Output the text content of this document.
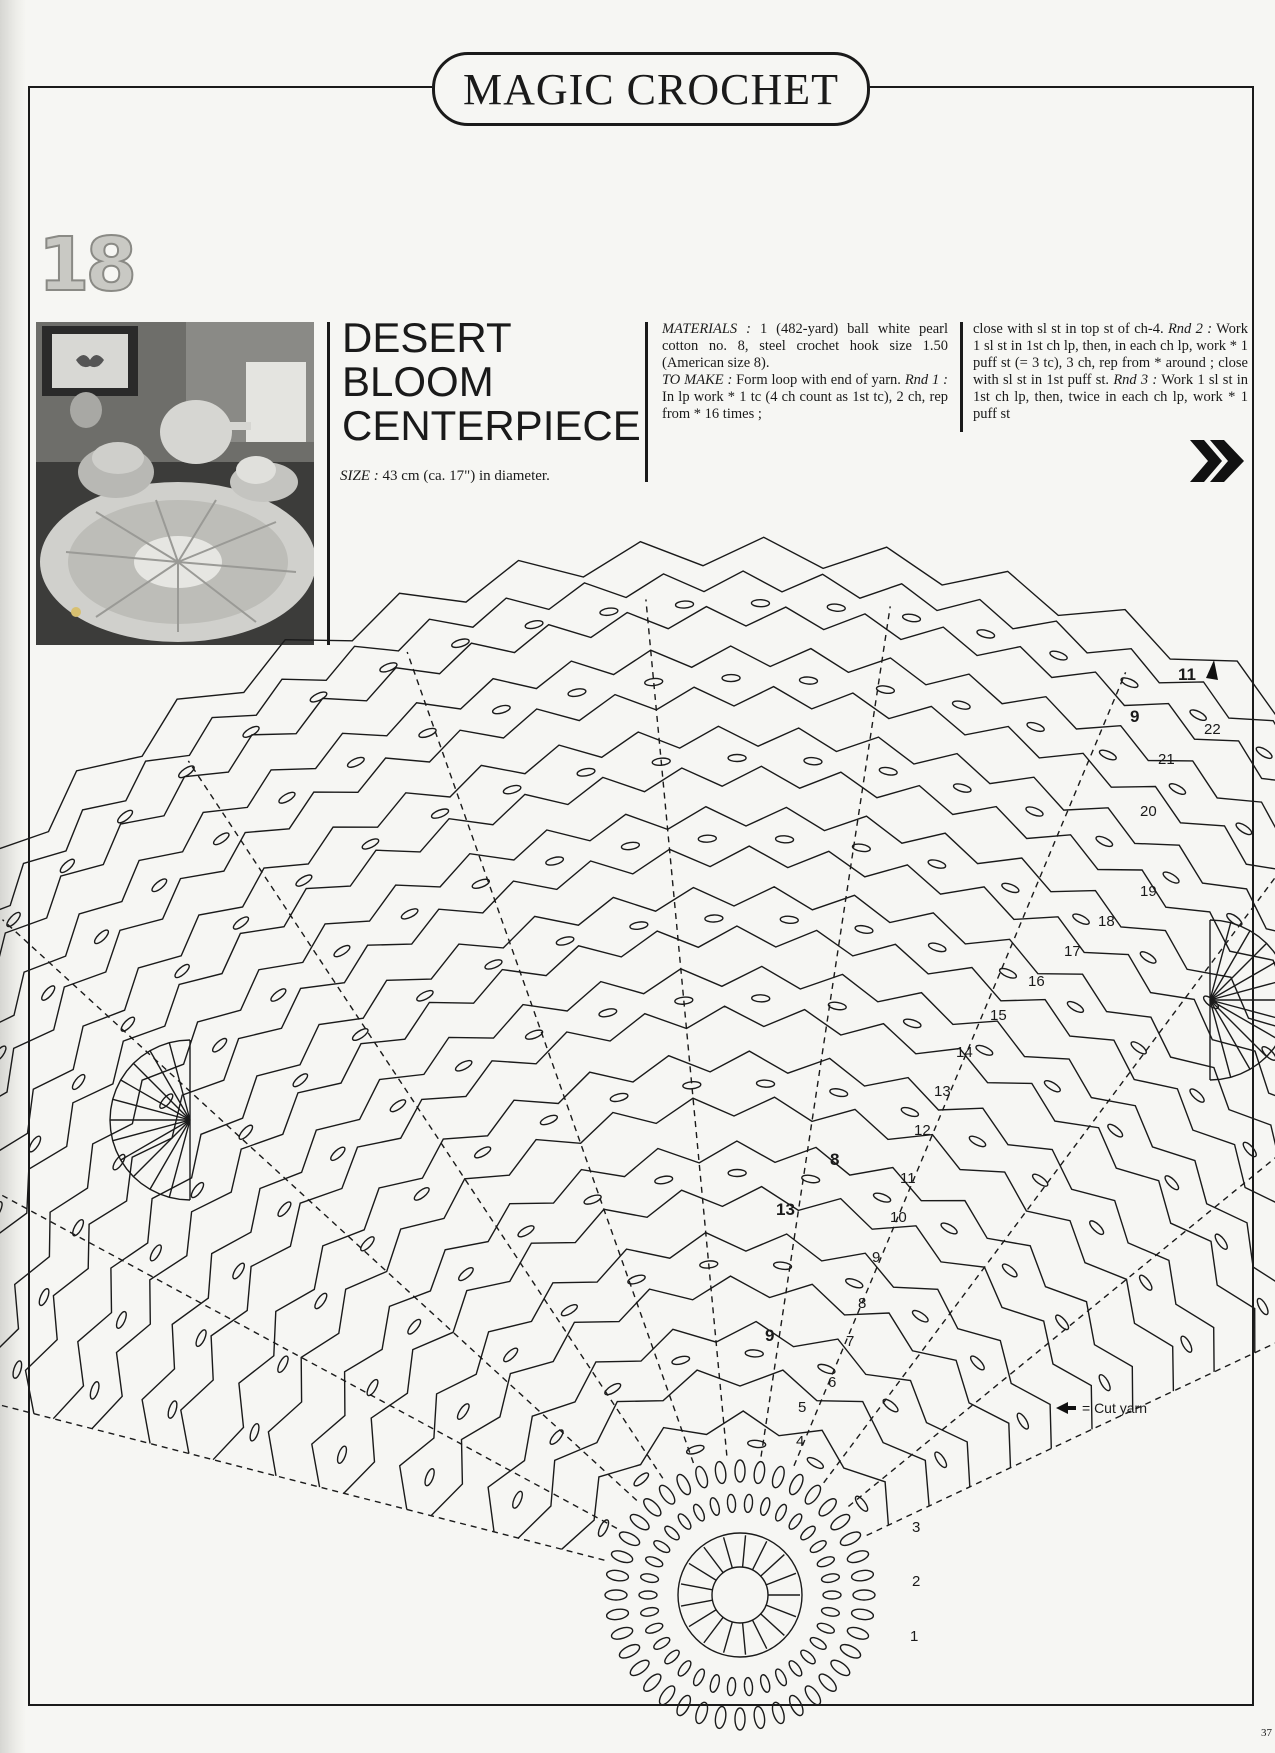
MAGIC CROCHET
18
DESERT
BLOOM
CENTERPIECE
SIZE : 43 cm (ca. 17") in diameter.

MATERIALS : 1 (482-yard) ball white pearl cotton no. 8, steel crochet hook size 1.50 (American size 8).

TO MAKE : Form loop with end of yarn. Rnd 1 : In lp work * 1 tc (4 ch count as 1st tc), 2 ch, rep from * 16 times ;

close with sl st in top st of ch-4. Rnd 2 : Work 1 sl st in 1st ch lp, then, in each ch lp, work * 1 puff st (= 3 tc), 3 ch, rep from * around ; close with sl st in 1st puff st. Rnd 3 : Work 1 sl st in 1st ch lp, then, twice in each ch lp, work * 1 puff st

1
2
3
4
5
6
7
8
9
10
11
12
13
14
15
16
17
18
19
20
21
22
8
13
9
9
11
= Cut yarn
37
